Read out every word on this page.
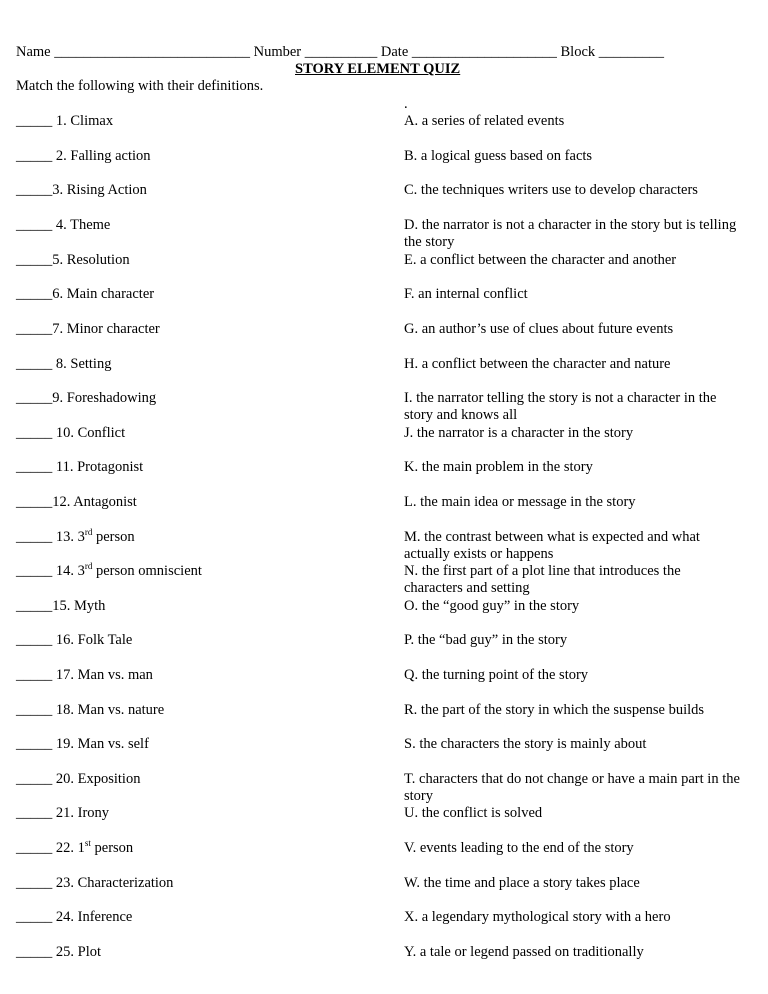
Name ___________________________ Number __________ Date ____________________ Block _________
STORY ELEMENT QUIZ
Match the following with their definitions.
.
_____ 1. Climax
_____ 2. Falling action
_____3. Rising Action
_____ 4. Theme
_____5. Resolution
_____6. Main character
_____7. Minor character
_____ 8. Setting
_____9. Foreshadowing
_____ 10. Conflict
_____ 11. Protagonist
_____12. Antagonist
_____ 13. 3rd person
_____ 14. 3rd person omniscient
_____15. Myth
_____ 16. Folk Tale
_____ 17. Man vs. man
_____ 18. Man vs. nature
_____ 19. Man vs. self
_____ 20. Exposition
_____ 21. Irony
_____ 22. 1st person
_____ 23. Characterization
_____ 24. Inference
_____ 25. Plot
A. a series of related events
B. a logical guess based on facts
C. the techniques writers use to develop characters
D. the narrator is not a character in the story but is telling the story
E. a conflict between the character and another
F. an internal conflict
G. an author’s use of clues about future events
H. a conflict between the character and nature
I. the narrator telling the story is not a character in the story and knows all
J. the narrator is a character in the story
K. the main problem in the story
L. the main idea or message in the story
M. the contrast between what is expected and what actually exists or happens
N. the first part of a plot line that introduces the characters and setting
O. the “good guy” in the story
P. the “bad guy” in the story
Q. the turning point of the story
R. the part of the story in which the suspense builds
S. the characters the story is mainly about
T. characters that do not change or have a main part in the story
U. the conflict is solved
V. events leading to the end of the story
W. the time and place a story takes place
X. a legendary mythological story with a hero
Y. a tale or legend passed on traditionally
